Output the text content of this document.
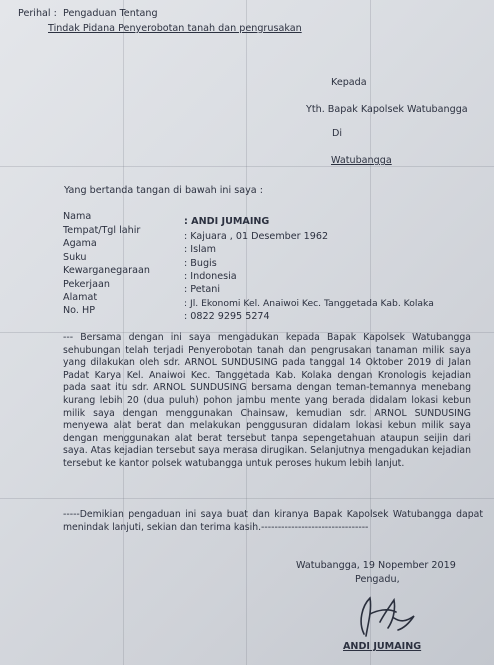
Perihal : Pengaduan Tentang
Tindak Pidana Penyerobotan tanah dan pengrusakan
Kepada
Yth. Bapak Kapolsek Watubangga
Di
Watubangga
Yang bertanda tangan di bawah ini saya :
Nama	: ANDI JUMAING
Tempat/Tgl lahir
: Kajuara , 01 Desember 1962
Agama
: Islam
Suku
: Bugis
Kewarganegaraan
: Indonesia
Pekerjaan	: Petani
Alamat
: Jl. Ekonomi Kel. Anaiwoi Kec. Tanggetada Kab. Kolaka
No. HP
: 0822 9295 5274
--- Bersama dengan ini saya mengadukan kepada Bapak Kapolsek Watubangga sehubungan telah terjadi Penyerobotan tanah dan pengrusakan tanaman milik saya yang dilakukan oleh sdr. ARNOL SUNDUSING pada tanggal 14 Oktober 2019 di Jalan Padat Karya Kel. Anaiwoi Kec. Tanggetada Kab. Kolaka dengan Kronologis kejadian pada saat itu sdr. ARNOL SUNDUSING bersama dengan teman-temannya menebang kurang lebih 20 (dua puluh) pohon jambu mente yang berada didalam lokasi kebun milik saya dengan menggunakan Chainsaw, kemudian sdr. ARNOL SUNDUSING menyewa alat berat dan melakukan penggusuran didalam lokasi kebun milik saya dengan menggunakan alat berat tersebut tanpa sepengetahuan ataupun seijin dari saya. Atas kejadian tersebut saya merasa dirugikan. Selanjutnya mengadukan kejadian tersebut ke kantor polsek watubangga untuk peroses hukum lebih lanjut.
-----Demikian pengaduan ini saya buat dan kiranya Bapak Kapolsek Watubangga dapat menindak lanjuti, sekian dan terima kasih.--------------------------------
Watubangga, 19 Nopember 2019
Pengadu,
ANDI JUMAING
